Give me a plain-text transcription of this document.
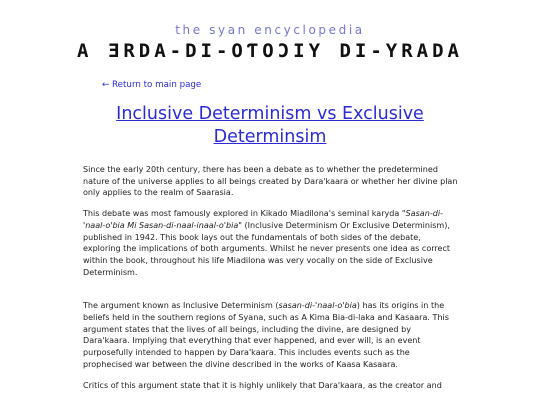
the syan encyclopedia
A ƎRDA-DI-OƬOƆIY DI-YRADA
← Return to main page
Inclusive Determinism vs Exclusive Determinsim

Since the early 20th century, there has been a debate as to whether the predetermined nature of the universe applies to all beings created by Dara'kaara or whether her divine plan only applies to the realm of Saarasia.

This debate was most famously explored in Kikado Miadilona's seminal karyda "Sasan-di-'naal-o'bia Mi Sasan-di-naal-inaal-o'bia" (Inclusive Determinism Or Exclusive Determinism), published in 1942. This book lays out the fundamentals of both sides of the debate, exploring the implications of both arguments. Whilst he never presents one idea as correct within the book, throughout his life Miadilona was very vocally on the side of Exclusive Determinism.

The argument known as Inclusive Determinism (sasan-di-'naal-o'bia) has its origins in the beliefs held in the southern regions of Syana, such as A Kima Bia-di-laka and Kasaara. This argument states that the lives of all beings, including the divine, are designed by Dara'kaara. Implying that everything that ever happened, and ever will, is an event purposefully intended to happen by Dara'kaara. This includes events such as the prophecised war between the divine described in the works of Kaasa Kasaara.

Critics of this argument state that it is highly unlikely that Dara'kaara, as the creator and
